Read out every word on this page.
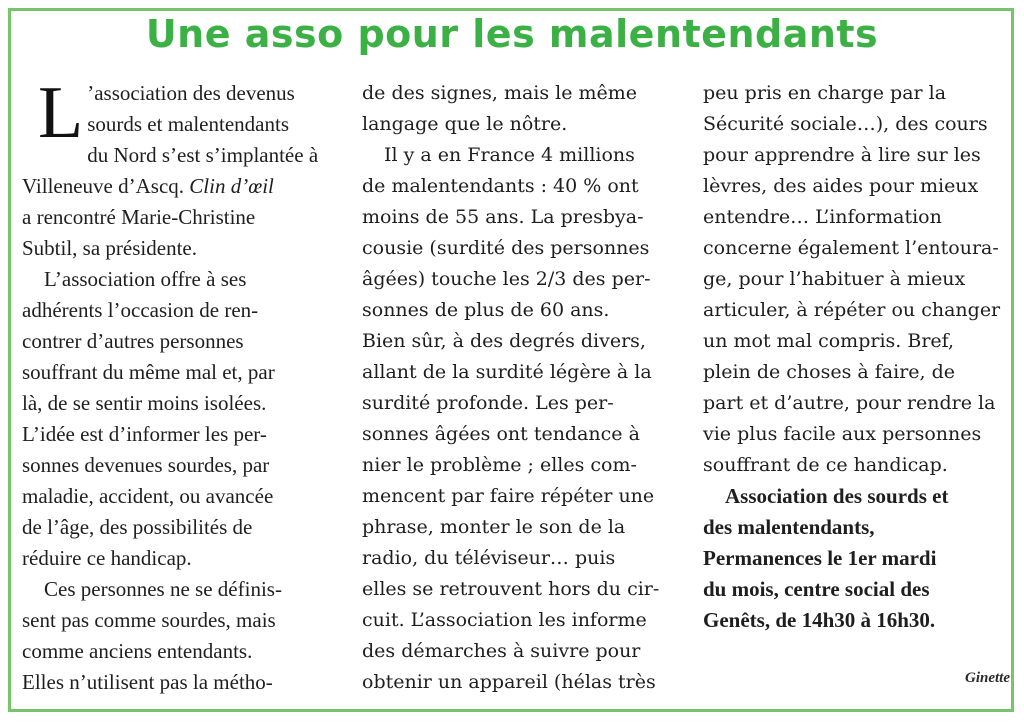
Une asso pour les malentendants

L ’association des devenus
sourds et malentendants
du Nord s’est s’implantée à
Villeneuve d’Ascq. Clin d’œil
a rencontré Marie-Christine
Subtil, sa présidente.

L’association offre à ses
adhérents l’occasion de ren-
contrer d’autres personnes
souffrant du même mal et, par
là, de se sentir moins isolées.
L’idée est d’informer les per-
sonnes devenues sourdes, par
maladie, accident, ou avancée
de l’âge, des possibilités de
réduire ce handicap.

Ces personnes ne se définis-
sent pas comme sourdes, mais
comme anciens entendants.
Elles n’utilisent pas la métho-

de des signes, mais le même
langage que le nôtre.

Il y a en France 4 millions
de malentendants : 40 % ont
moins de 55 ans. La presbya-
cousie (surdité des personnes
âgées) touche les 2/3 des per-
sonnes de plus de 60 ans.
Bien sûr, à des degrés divers,
allant de la surdité légère à la
surdité profonde. Les per-
sonnes âgées ont tendance à
nier le problème ; elles com-
mencent par faire répéter une
phrase, monter le son de la
radio, du téléviseur… puis
elles se retrouvent hors du cir-
cuit. L’association les informe
des démarches à suivre pour
obtenir un appareil (hélas très

peu pris en charge par la
Sécurité sociale…), des cours
pour apprendre à lire sur les
lèvres, des aides pour mieux
entendre… L’information
concerne également l’entoura-
ge, pour l’habituer à mieux
articuler, à répéter ou changer
un mot mal compris. Bref,
plein de choses à faire, de
part et d’autre, pour rendre la
vie plus facile aux personnes
souffrant de ce handicap.

Association des sourds et
des malentendants,
Permanences le 1er mardi
du mois, centre social des
Genêts, de 14h30 à 16h30.

Ginette
